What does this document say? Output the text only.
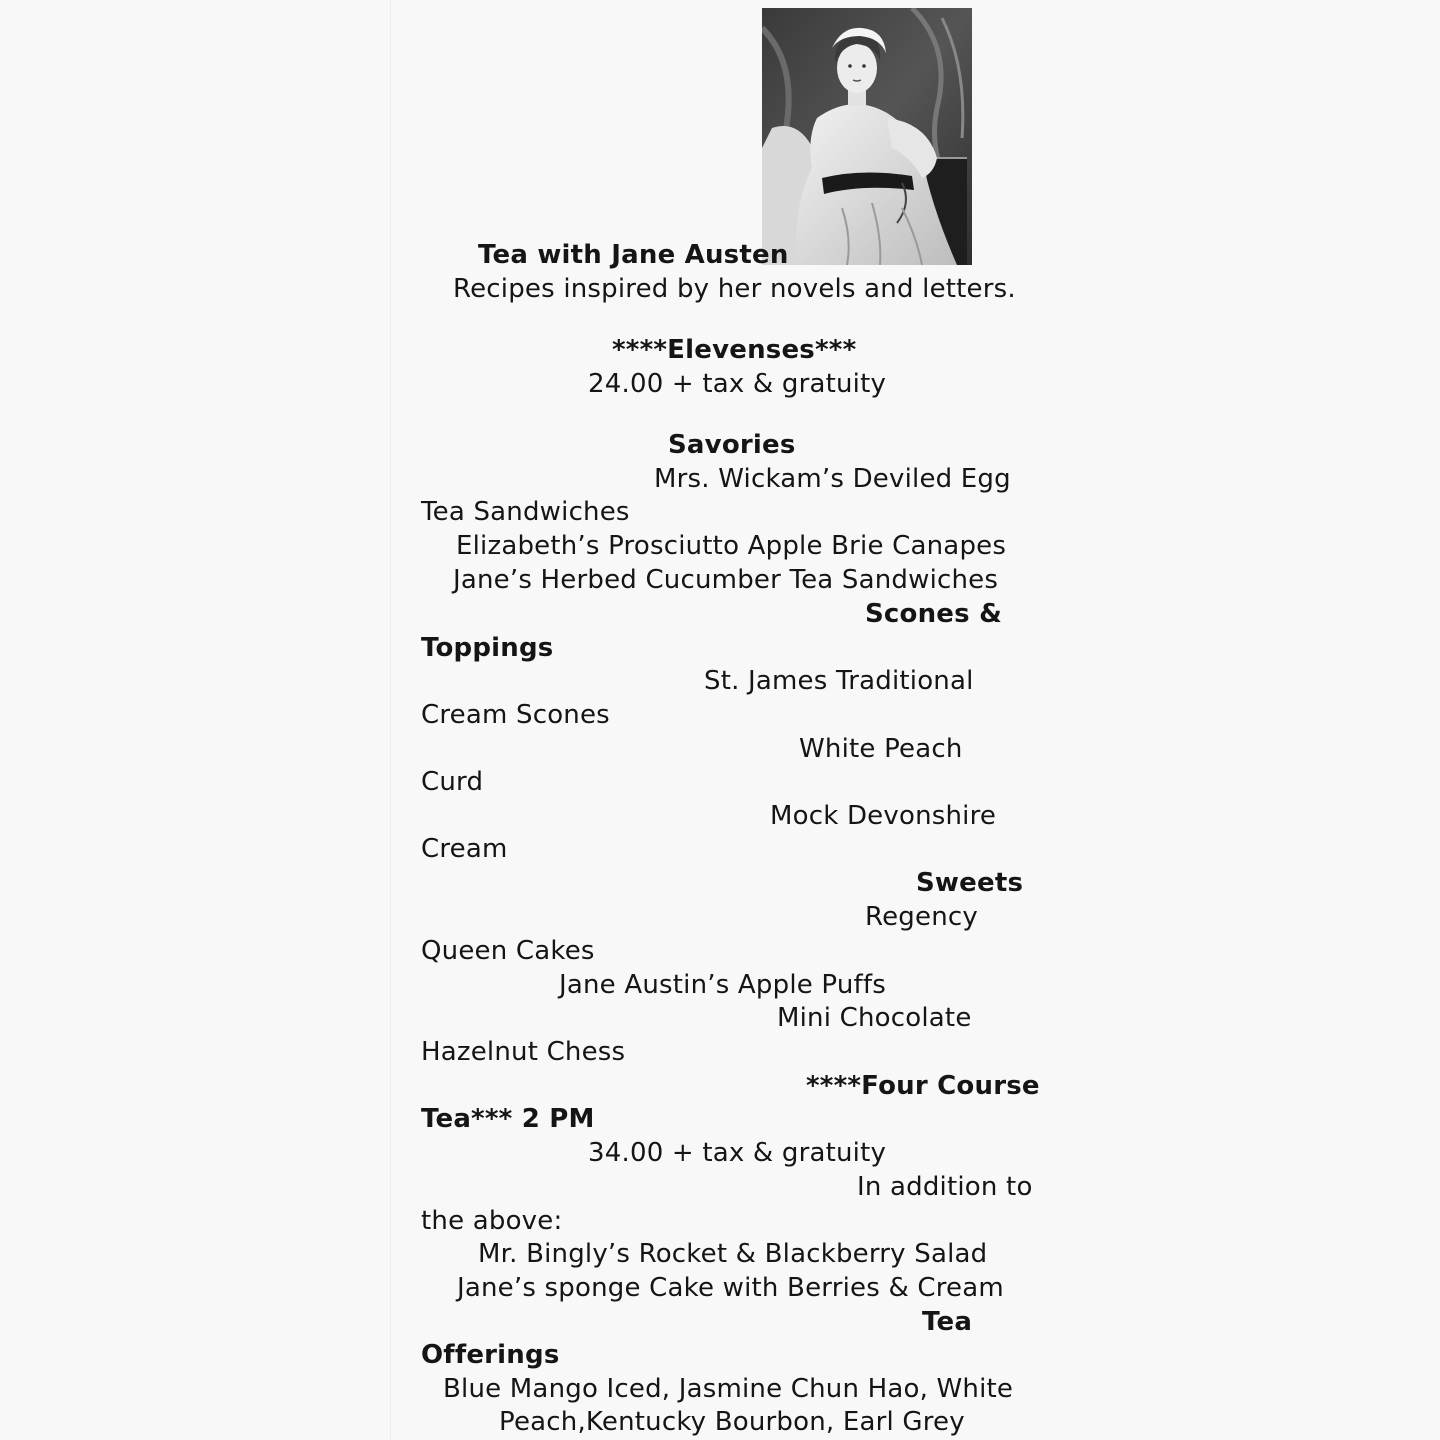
Tea with Jane Austen
Recipes inspired by her novels and letters.
****Elevenses***
24.00 + tax & gratuity
Savories
Mrs. Wickam’s Deviled Egg
Tea Sandwiches
Elizabeth’s Prosciutto Apple Brie Canapes
Jane’s Herbed Cucumber Tea Sandwiches
Scones &
Toppings
St. James Traditional
Cream Scones
White Peach
Curd
Mock Devonshire
Cream
Sweets
Regency
Queen Cakes
Jane Austin’s Apple Puffs
Mini Chocolate
Hazelnut Chess
****Four Course
Tea*** 2 PM
34.00 + tax & gratuity
In addition to
the above:
Mr. Bingly’s Rocket & Blackberry Salad
Jane’s sponge Cake with Berries & Cream
Tea
Offerings
Blue Mango Iced, Jasmine Chun Hao, White
Peach,Kentucky Bourbon, Earl Grey
